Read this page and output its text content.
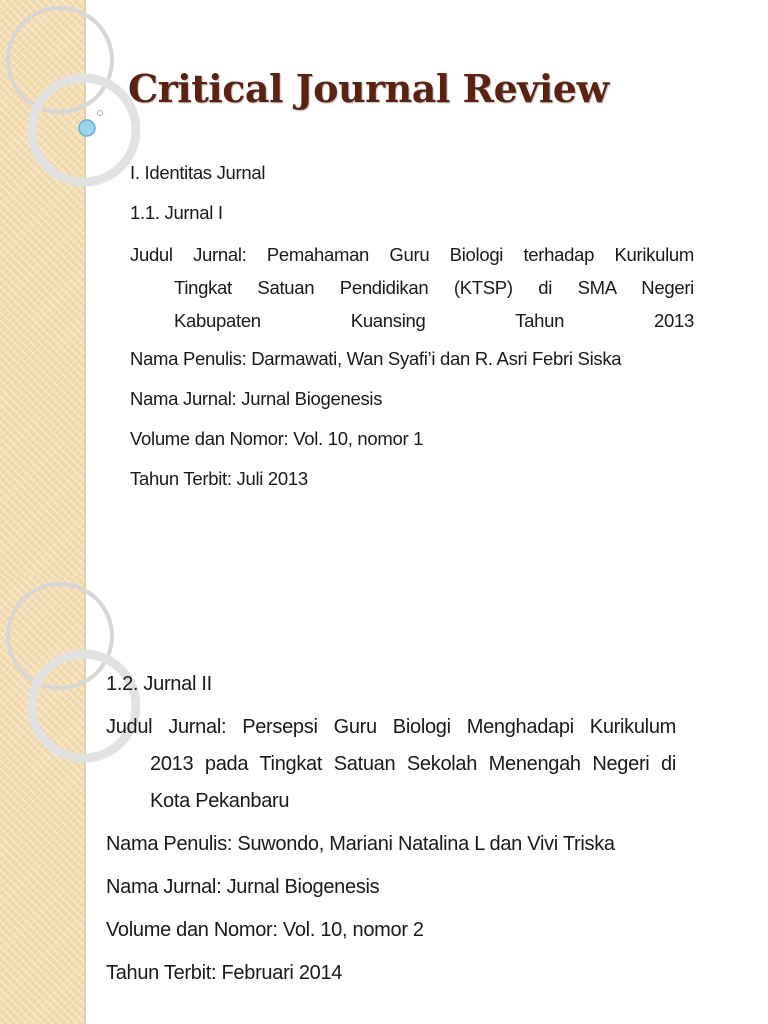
Critical Journal Review
I. Identitas Jurnal
1.1. Jurnal I
Judul Jurnal: Pemahaman Guru Biologi terhadap Kurikulum
Tingkat Satuan Pendidikan (KTSP) di SMA Negeri
Kabupaten Kuansing Tahun 2013
Nama Penulis: Darmawati, Wan Syafi’i dan R. Asri Febri Siska
Nama Jurnal: Jurnal Biogenesis
Volume dan Nomor: Vol. 10, nomor 1
Tahun Terbit: Juli 2013
1.2. Jurnal II
Judul Jurnal: Persepsi Guru Biologi Menghadapi Kurikulum
2013 pada Tingkat Satuan Sekolah Menengah Negeri di
Kota Pekanbaru
Nama Penulis: Suwondo, Mariani Natalina L dan Vivi Triska
Nama Jurnal: Jurnal Biogenesis
Volume dan Nomor: Vol. 10, nomor 2
Tahun Terbit: Februari 2014
